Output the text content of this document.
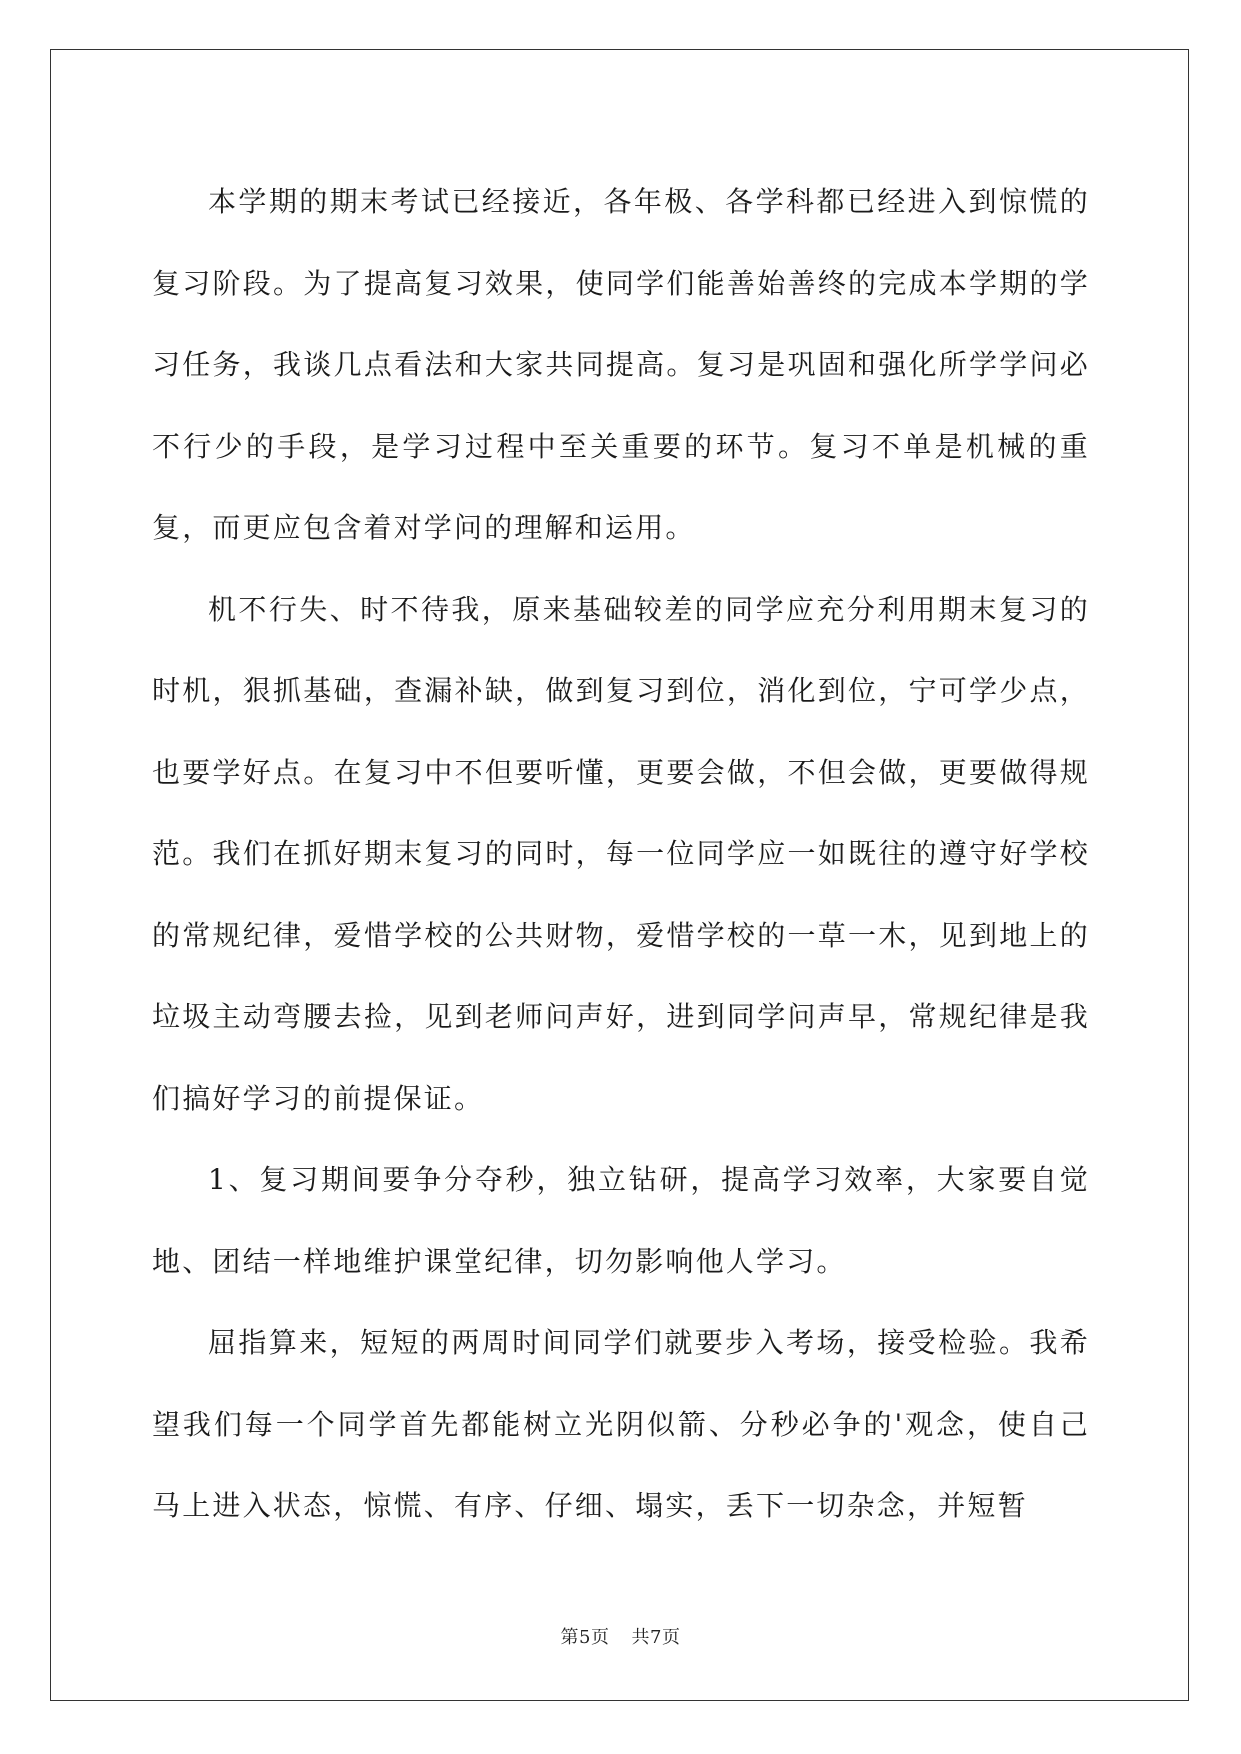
本学期的期末考试已经接近，各年极、各学科都已经进入到惊慌的复习阶段。为了提高复习效果，使同学们能善始善终的完成本学期的学习任务，我谈几点看法和大家共同提高。复习是巩固和强化所学学问必不行少的手段，是学习过程中至关重要的环节。复习不单是机械的重复，而更应包含着对学问的理解和运用。

机不行失、时不待我，原来基础较差的同学应充分利用期末复习的时机，狠抓基础，查漏补缺，做到复习到位，消化到位，宁可学少点，也要学好点。在复习中不但要听懂，更要会做，不但会做，更要做得规范。我们在抓好期末复习的同时，每一位同学应一如既往的遵守好学校的常规纪律，爱惜学校的公共财物，爱惜学校的一草一木，见到地上的垃圾主动弯腰去捡，见到老师问声好，进到同学问声早，常规纪律是我们搞好学习的前提保证。

1、复习期间要争分夺秒，独立钻研，提高学习效率，大家要自觉地、团结一样地维护课堂纪律，切勿影响他人学习。

屈指算来，短短的两周时间同学们就要步入考场，接受检验。我希望我们每一个同学首先都能树立光阴似箭、分秒必争的'观念，使自己马上进入状态，惊慌、有序、仔细、塌实，丢下一切杂念，并短暂

第5页 共7页
